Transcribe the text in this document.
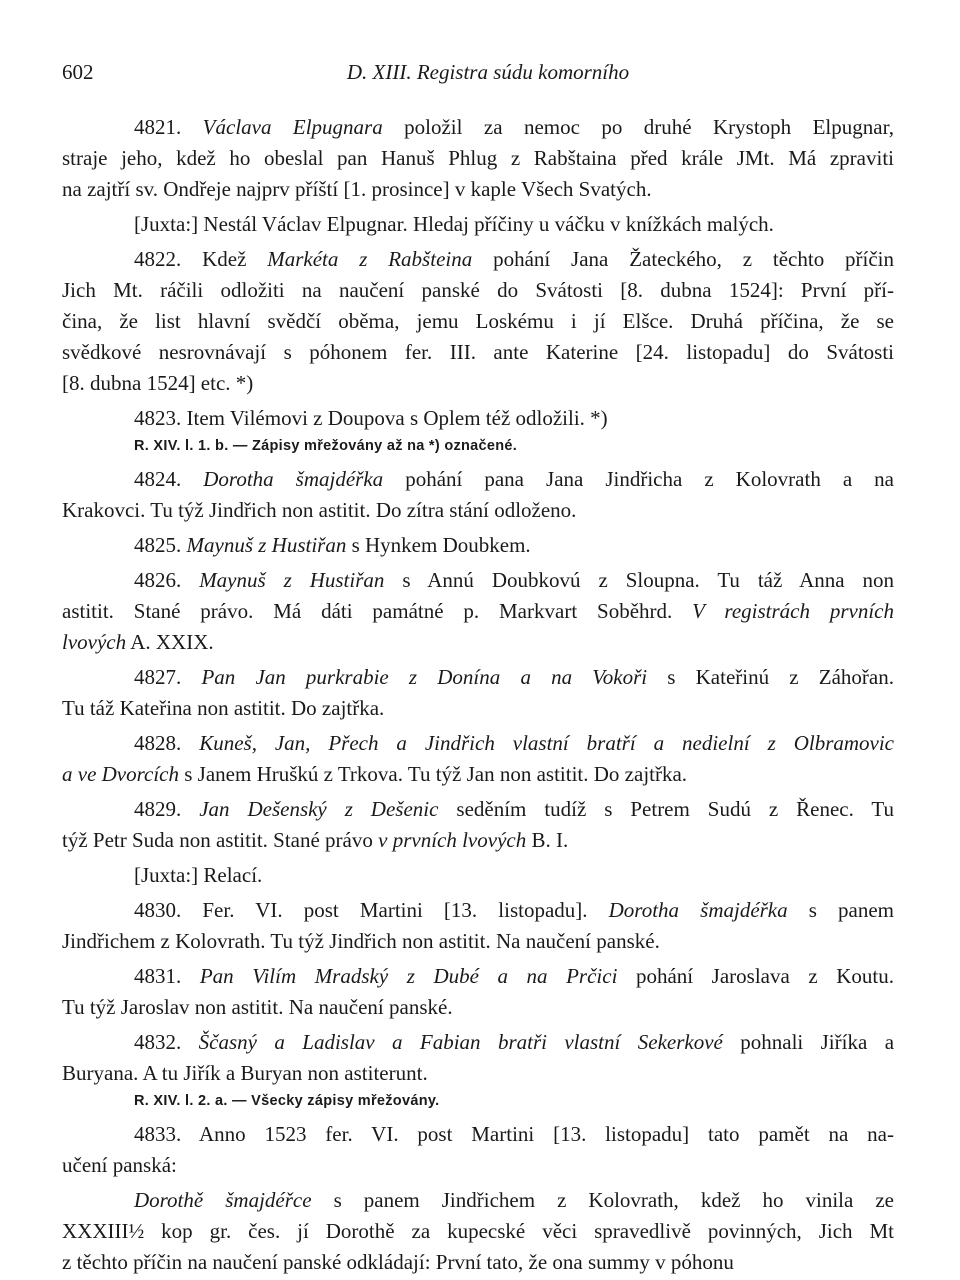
602	D. XIII. Registra súdu komorního
4821. Václava Elpugnara položil za nemoc po druhé Krystoph Elpugnar,
straje jeho, kdež ho obeslal pan Hanuš Phlug z Rabštaina před krále JMt. Má zpraviti
na zajtří sv. Ondřeje najprv příští [1. prosince] v kaple Všech Svatých.
[Juxta:] Nestál Václav Elpugnar. Hledaj příčiny u váčku v knížkách malých.
4822. Kdež Markéta z Rabšteina pohání Jana Žateckého, z těchto příčin
Jich Mt. ráčili odložiti na naučení panské do Svátosti [8. dubna 1524]: První pří-
čina, že list hlavní svědčí oběma, jemu Loskému i jí Elšce. Druhá příčina, že se
svědkové nesrovnávají s póhonem fer. III. ante Katerine [24. listopadu] do Svátosti
[8. dubna 1524] etc. *)
4823. Item Vilémovi z Doupova s Oplem též odložili. *)
R. XIV. l. 1. b. — Zápisy mřežovány až na *) označené.
4824. Dorotha šmajdéřka pohání pana Jana Jindřicha z Kolovrath a na
Krakovci. Tu týž Jindřich non astitit. Do zítra stání odloženo.
4825. Maynuš z Hustiřan s Hynkem Doubkem.
4826. Maynuš z Hustiřan s Annú Doubkovú z Sloupna. Tu táž Anna non
astitit. Stané právo. Má dáti památné p. Markvart Soběhrd. V registrách prvních
lvových A. XXIX.
4827. Pan Jan purkrabie z Donína a na Vokoři s Kateřinú z Záhořan.
Tu táž Kateřina non astitit. Do zajtřka.
4828. Kuneš, Jan, Přech a Jindřich vlastní bratří a nedielní z Olbramovic
a ve Dvorcích s Janem Hruškú z Trkova. Tu týž Jan non astitit. Do zajtřka.
4829. Jan Dešenský z Dešenic seděním tudíž s Petrem Sudú z Řenec. Tu
týž Petr Suda non astitit. Stané právo v prvních lvových B. I.
[Juxta:] Relací.
4830. Fer. VI. post Martini [13. listopadu]. Dorotha šmajdéřka s panem
Jindřichem z Kolovrath. Tu týž Jindřich non astitit. Na naučení panské.
4831. Pan Vilím Mradský z Dubé a na Prčici pohání Jaroslava z Koutu.
Tu týž Jaroslav non astitit. Na naučení panské.
4832. Ščasný a Ladislav a Fabian bratři vlastní Sekerkové pohnali Jiříka a
Buryana. A tu Jiřík a Buryan non astiterunt.
R. XIV. l. 2. a. — Všecky zápisy mřežovány.
4833. Anno 1523 fer. VI. post Martini [13. listopadu] tato pamět na na-
učení panská:
Dorothě šmajdéřce s panem Jindřichem z Kolovrath, kdež ho vinila ze
XXXIII½ kop gr. čes. jí Dorothě za kupecské věci spravedlivě povinných, Jich Mt
z těchto příčin na naučení panské odkládají: První tato, že ona summy v póhonu
